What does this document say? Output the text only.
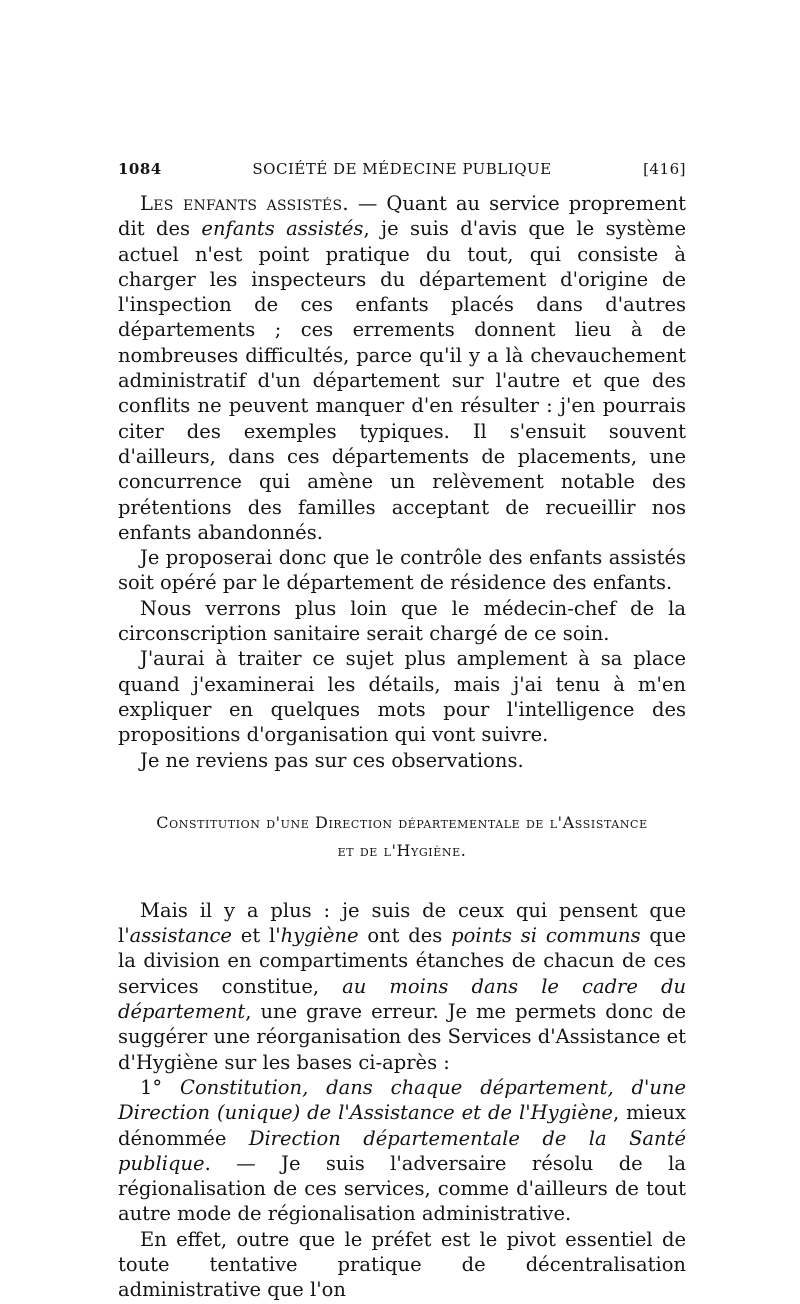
1084	SOCIÉTÉ DE MÉDECINE PUBLIQUE	[416]

Les enfants assistés. — Quant au service proprement dit des enfants assistés, je suis d'avis que le système actuel n'est point pratique du tout, qui consiste à charger les inspecteurs du département d'origine de l'inspection de ces enfants placés dans d'autres départements ; ces errements donnent lieu à de nombreuses difficultés, parce qu'il y a là chevauchement administratif d'un département sur l'autre et que des conflits ne peuvent manquer d'en résulter : j'en pourrais citer des exemples typiques. Il s'ensuit souvent d'ailleurs, dans ces départements de placements, une concurrence qui amène un relèvement notable des prétentions des familles acceptant de recueillir nos enfants abandonnés.

Je proposerai donc que le contrôle des enfants assistés soit opéré par le département de résidence des enfants.

Nous verrons plus loin que le médecin-chef de la circonscription sanitaire serait chargé de ce soin.

J'aurai à traiter ce sujet plus amplement à sa place quand j'examinerai les détails, mais j'ai tenu à m'en expliquer en quelques mots pour l'intelligence des propositions d'organisation qui vont suivre.

Je ne reviens pas sur ces observations.

Constitution d'une Direction départementale de l'Assistance
et de l'Hygiène.

Mais il y a plus : je suis de ceux qui pensent que l'assistance et l'hygiène ont des points si communs que la division en compartiments étanches de chacun de ces services constitue, au moins dans le cadre du département, une grave erreur. Je me permets donc de suggérer une réorganisation des Services d'Assistance et d'Hygiène sur les bases ci-après :

1° Constitution, dans chaque département, d'une Direction (unique) de l'Assistance et de l'Hygiène, mieux dénommée Direction départementale de la Santé publique. — Je suis l'adversaire résolu de la régionalisation de ces services, comme d'ailleurs de tout autre mode de régionalisation administrative.

En effet, outre que le préfet est le pivot essentiel de toute tentative pratique de décentralisation administrative que l'on
